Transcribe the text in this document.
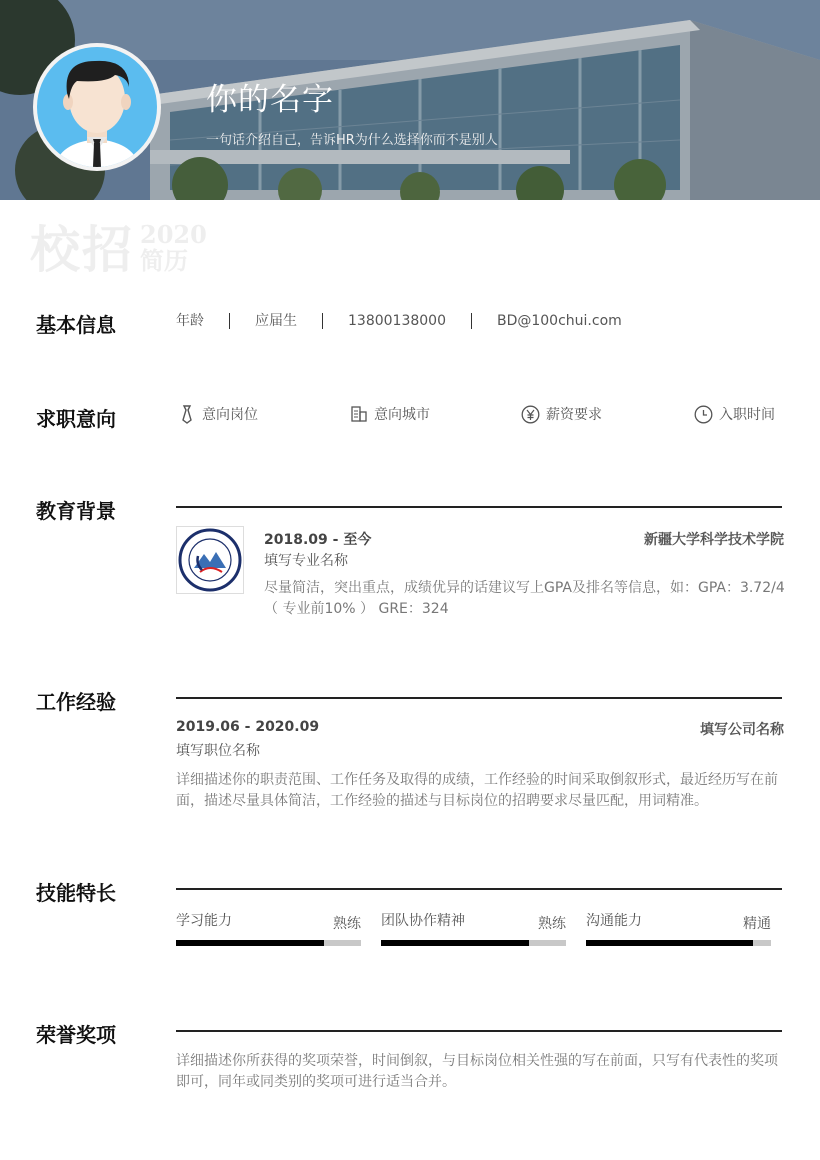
你的名字
一句话介绍自己，告诉HR为什么选择你而不是别人
校招 2020简历
基本信息	年龄	应届生	13800138000	BD@100chui.com
求职意向	意向岗位	意向城市	薪资要求	入职时间
教育背景
2018.09 - 至今	新疆大学科学技术学院
填写专业名称
尽量简洁，突出重点，成绩优异的话建议写上GPA及排名等信息，如：GPA：3.72/4（ 专业前10% ） GRE：324
工作经验
2019.06 - 2020.09	填写公司名称
填写职位名称
详细描述你的职责范围、工作任务及取得的成绩，工作经验的时间采取倒叙形式，最近经历写在前面，描述尽量具体简洁，工作经验的描述与目标岗位的招聘要求尽量匹配，用词精准。
技能特长
学习能力	熟练 团队协作精神	熟练 沟通能力	精通
荣誉奖项
详细描述你所获得的奖项荣誉，时间倒叙，与目标岗位相关性强的写在前面，只写有代表性的奖项即可，同年或同类别的奖项可进行适当合并。
